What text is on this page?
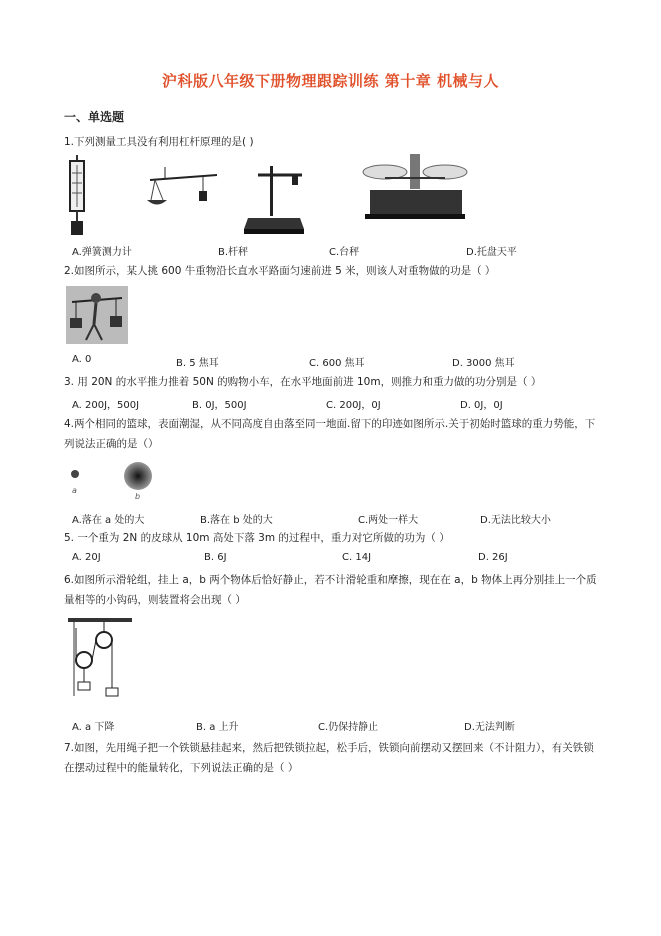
沪科版八年级下册物理跟踪训练 第十章 机械与人
一、单选题
1.下列测量工具没有利用杠杆原理的是( )
A.弹簧测力计	B.杆秤	C.台秤	D.托盘天平
2.如图所示，某人挑 600 牛重物沿长直水平路面匀速前进 5 米，则该人对重物做的功是（ ）
A. 0	B. 5 焦耳	C. 600 焦耳	D. 3000 焦耳
3. 用 20N 的水平推力推着 50N 的购物小车，在水平地面前进 10m，则推力和重力做的功分别是（ ）
A. 200J，500J	B. 0J，500J	C. 200J，0J	D. 0J，0J
4.两个相同的篮球，表面潮湿，从不同高度自由落至同一地面.留下的印迹如图所示.关于初始时篮球的重力势能，下列说法正确的是（）
a
b
A.落在 a 处的大	B.落在 b 处的大	C.两处一样大	D.无法比较大小
5. 一个重为 2N 的皮球从 10m 高处下落 3m 的过程中，重力对它所做的功为（ ）
A. 20J	B. 6J	C. 14J	D. 26J
6.如图所示滑轮组，挂上 a，b 两个物体后恰好静止，若不计滑轮重和摩擦，现在在 a，b 物体上再分别挂上一个质量相等的小钩码，则装置将会出现（ ）
A. a 下降	B. a 上升	C.仍保持静止	D.无法判断
7.如图，先用绳子把一个铁锁悬挂起来，然后把铁锁拉起，松手后，铁锁向前摆动又摆回来（不计阻力），有关铁锁在摆动过程中的能量转化，下列说法正确的是（ ）
